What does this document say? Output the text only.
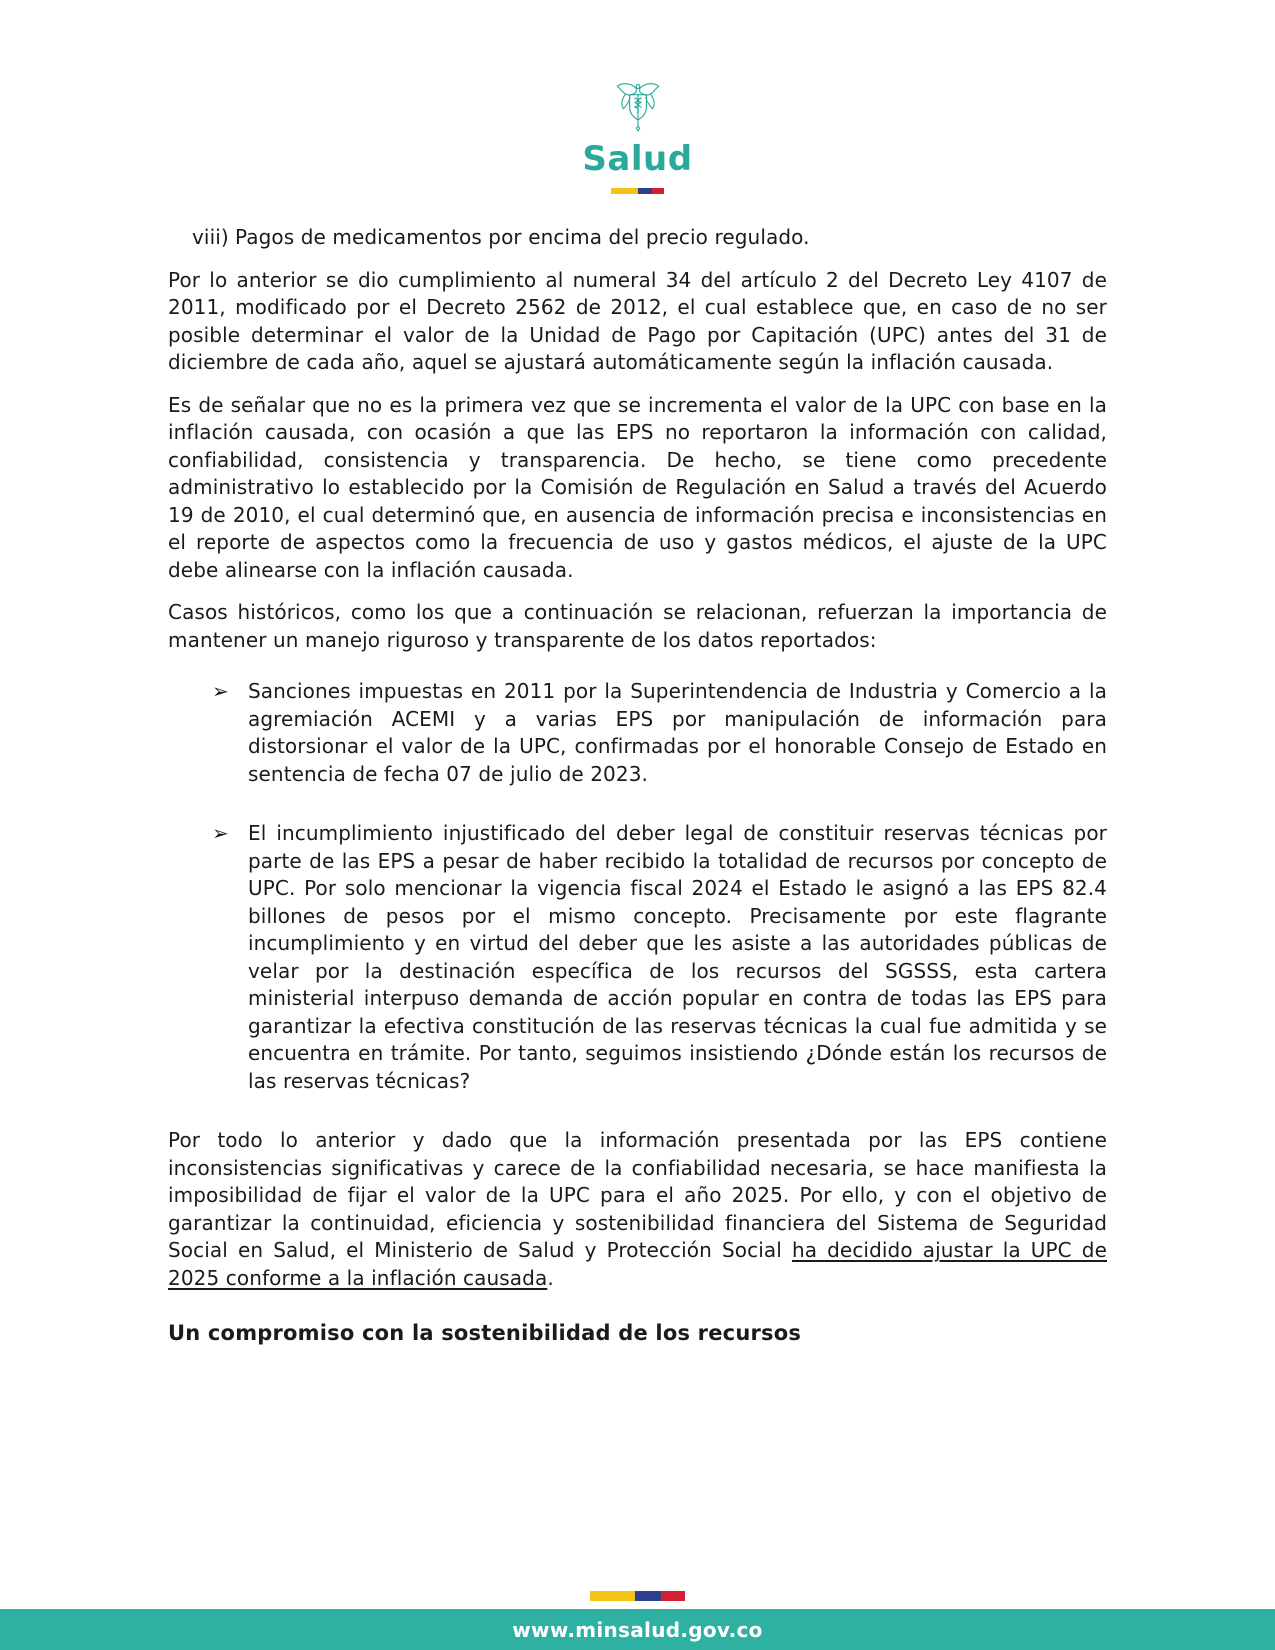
Salud
viii) Pagos de medicamentos por encima del precio regulado.

Por lo anterior se dio cumplimiento al numeral 34 del artículo 2 del Decreto Ley 4107 de 2011, modificado por el Decreto 2562 de 2012, el cual establece que, en caso de no ser posible determinar el valor de la Unidad de Pago por Capitación (UPC) antes del 31 de diciembre de cada año, aquel se ajustará automáticamente según la inflación causada.

Es de señalar que no es la primera vez que se incrementa el valor de la UPC con base en la inflación causada, con ocasión a que las EPS no reportaron la información con calidad, confiabilidad, consistencia y transparencia. De hecho, se tiene como precedente administrativo lo establecido por la Comisión de Regulación en Salud a través del Acuerdo 19 de 2010, el cual determinó que, en ausencia de información precisa e inconsistencias en el reporte de aspectos como la frecuencia de uso y gastos médicos, el ajuste de la UPC debe alinearse con la inflación causada.

Casos históricos, como los que a continuación se relacionan, refuerzan la importancia de mantener un manejo riguroso y transparente de los datos reportados:

➢ Sanciones impuestas en 2011 por la Superintendencia de Industria y Comercio a la agremiación ACEMI y a varias EPS por manipulación de información para distorsionar el valor de la UPC, confirmadas por el honorable Consejo de Estado en sentencia de fecha 07 de julio de 2023.
➢ El incumplimiento injustificado del deber legal de constituir reservas técnicas por parte de las EPS a pesar de haber recibido la totalidad de recursos por concepto de UPC. Por solo mencionar la vigencia fiscal 2024 el Estado le asignó a las EPS 82.4 billones de pesos por el mismo concepto. Precisamente por este flagrante incumplimiento y en virtud del deber que les asiste a las autoridades públicas de velar por la destinación específica de los recursos del SGSSS, esta cartera ministerial interpuso demanda de acción popular en contra de todas las EPS para garantizar la efectiva constitución de las reservas técnicas la cual fue admitida y se encuentra en trámite. Por tanto, seguimos insistiendo ¿Dónde están los recursos de las reservas técnicas?

Por todo lo anterior y dado que la información presentada por las EPS contiene inconsistencias significativas y carece de la confiabilidad necesaria, se hace manifiesta la imposibilidad de fijar el valor de la UPC para el año 2025. Por ello, y con el objetivo de garantizar la continuidad, eficiencia y sostenibilidad financiera del Sistema de Seguridad Social en Salud, el Ministerio de Salud y Protección Social ha decidido ajustar la UPC de 2025 conforme a la inflación causada.

Un compromiso con la sostenibilidad de los recursos
www.minsalud.gov.co
